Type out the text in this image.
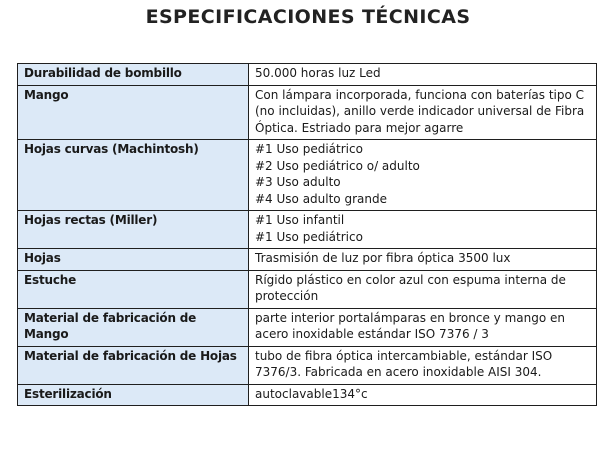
ESPECIFICACIONES TÉCNICAS
Durabilidad de bombillo	50.000 horas luz Led

Mango	Con lámpara incorporada, funciona con baterías tipo C (no incluidas), anillo verde indicador universal de Fibra Óptica. Estriado para mejor agarre

Hojas curvas (Machintosh)	#1 Uso pediátrico
#2 Uso pediátrico o/ adulto
#3 Uso adulto
#4 Uso adulto grande

Hojas rectas (Miller)	#1 Uso infantil
#1 Uso pediátrico

Hojas	Trasmisión de luz por fibra óptica 3500 lux

Estuche	Rígido plástico en color azul con espuma interna de protección

Material de fabricación de Mango	parte interior portalámparas en bronce y mango en acero inoxidable estándar ISO 7376 / 3

Material de fabricación de Hojas	tubo de fibra óptica intercambiable, estándar ISO 7376/3. Fabricada en acero inoxidable AISI 304.

Esterilización	autoclavable134°c
